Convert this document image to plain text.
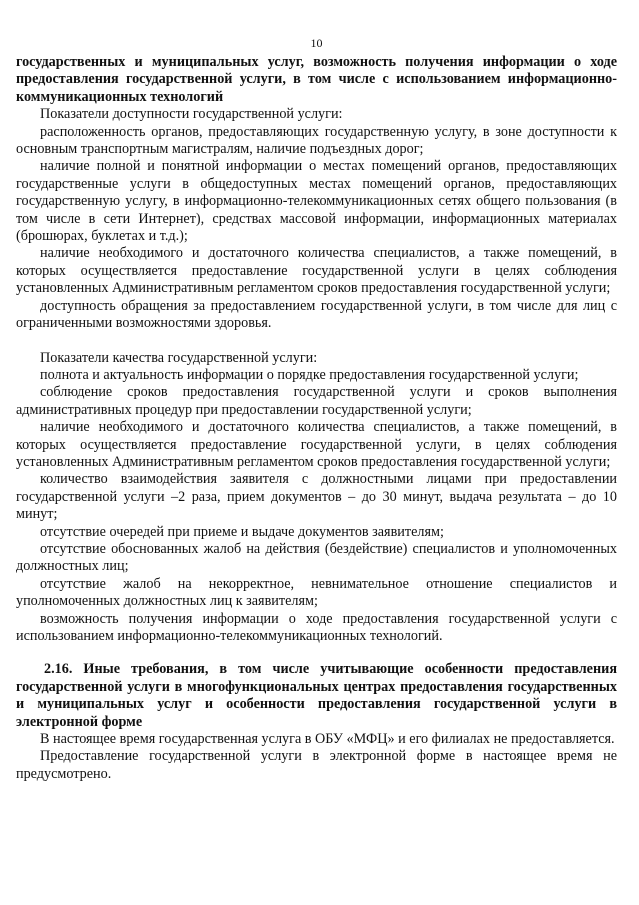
10

государственных и муниципальных услуг, возможность получения информации о ходе предоставления государственной услуги, в том числе с использованием информационно-коммуникационных технологий

Показатели доступности государственной услуги:

расположенность органов, предоставляющих государственную услугу, в зоне доступности к основным транспортным магистралям, наличие подъездных дорог;

наличие полной и понятной информации о местах помещений органов, предоставляющих государственные услуги в общедоступных местах помещений органов, предоставляющих государственную услугу, в информационно-телекоммуникационных сетях общего пользования (в том числе в сети Интернет), средствах массовой информации, информационных материалах (брошюрах, буклетах и т.д.);

наличие необходимого и достаточного количества специалистов, а также помещений, в которых осуществляется предоставление государственной услуги в целях соблюдения установленных Административным регламентом сроков предоставления государственной услуги;

доступность обращения за предоставлением государственной услуги, в том числе для лиц с ограниченными возможностями здоровья.

Показатели качества государственной услуги:

полнота и актуальность информации о порядке предоставления государственной услуги;

соблюдение сроков предоставления государственной услуги и сроков выполнения административных процедур при предоставлении государственной услуги;

наличие необходимого и достаточного количества специалистов, а также помещений, в которых осуществляется предоставление государственной услуги, в целях соблюдения установленных Административным регламентом сроков предоставления государственной услуги;

количество взаимодействия заявителя с должностными лицами при предоставлении государственной услуги –2 раза, прием документов – до 30 минут, выдача результата – до 10 минут;

отсутствие очередей при приеме и выдаче документов заявителям;

отсутствие обоснованных жалоб на действия (бездействие) специалистов и уполномоченных должностных лиц;

отсутствие жалоб на некорректное, невнимательное отношение специалистов и уполномоченных должностных лиц к заявителям;

возможность получения информации о ходе предоставления государственной услуги с использованием информационно-телекоммуникационных технологий.

2.16. Иные требования, в том числе учитывающие особенности предоставления государственной услуги в многофункциональных центрах предоставления государственных и муниципальных услуг и особенности предоставления государственной услуги в электронной форме

В настоящее время государственная услуга в ОБУ «МФЦ» и его филиалах не предоставляется.

Предоставление государственной услуги в электронной форме в настоящее время не предусмотрено.
